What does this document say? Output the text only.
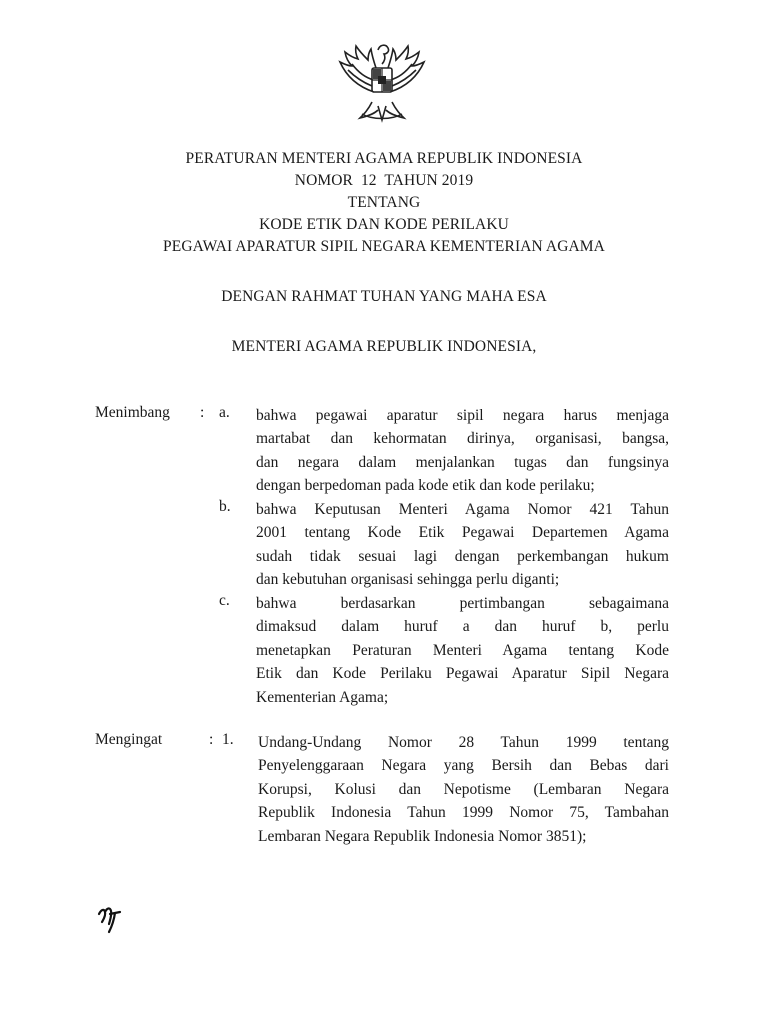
PERATURAN MENTERI AGAMA REPUBLIK INDONESIA
NOMOR  12  TAHUN 2019
TENTANG
KODE ETIK DAN KODE PERILAKU
PEGAWAI APARATUR SIPIL NEGARA KEMENTERIAN AGAMA
DENGAN RAHMAT TUHAN YANG MAHA ESA
MENTERI AGAMA REPUBLIK INDONESIA,
Menimbang : a. bahwa pegawai aparatur sipil negara harus menjaga
martabat dan kehormatan dirinya, organisasi, bangsa,
dan negara dalam menjalankan tugas dan fungsinya
dengan berpedoman pada kode etik dan kode perilaku;
b. bahwa Keputusan Menteri Agama Nomor 421 Tahun
2001 tentang Kode Etik Pegawai Departemen Agama
sudah tidak sesuai lagi dengan perkembangan hukum
dan kebutuhan organisasi sehingga perlu diganti;
c. bahwa berdasarkan pertimbangan sebagaimana
dimaksud dalam huruf a dan huruf b, perlu
menetapkan Peraturan Menteri Agama tentang Kode
Etik dan Kode Perilaku Pegawai Aparatur Sipil Negara
Kementerian Agama;
Mengingat	: 1. Undang-Undang Nomor 28 Tahun 1999 tentang
Penyelenggaraan Negara yang Bersih dan Bebas dari
Korupsi, Kolusi dan Nepotisme (Lembaran Negara
Republik Indonesia Tahun 1999 Nomor 75, Tambahan
Lembaran Negara Republik Indonesia Nomor 3851);
